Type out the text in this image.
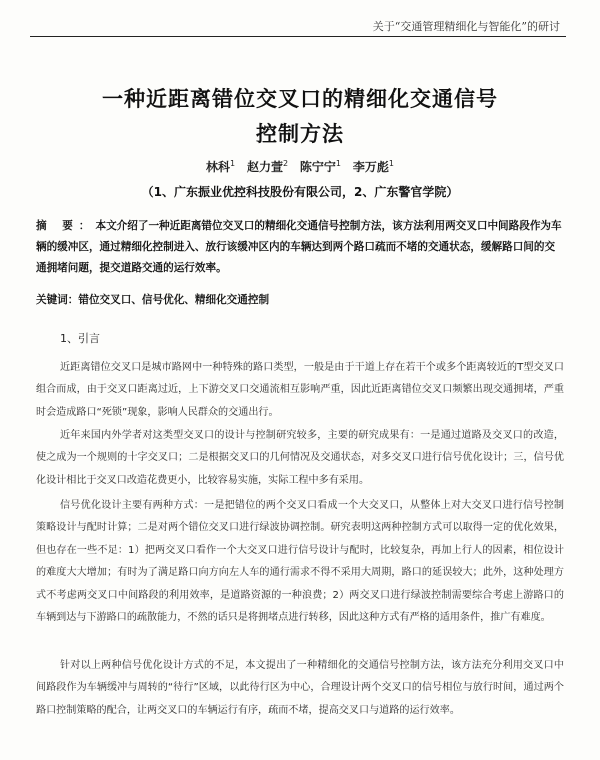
关于“交通管理精细化与智能化”的研讨
一种近距离错位交叉口的精细化交通信号
控制方法
林科$^1$ 赵力萱$^2$ 陈宁宁$^1$ 李万彪$^1$
（1、广东振业优控科技股份有限公司，2、广东警官学院）
摘 要：本文介绍了一种近距离错位交叉口的精细化交通信号控制方法，该方法利用两交叉口中间路段作为车辆的缓冲区，通过精细化控制进入、放行该缓冲区内的车辆达到两个路口疏而不堵的交通状态，缓解路口间的交通拥堵问题，提交道路交通的运行效率。
关键词：错位交叉口、信号优化、精细化交通控制
1、引言
近距离错位交叉口是城市路网中一种特殊的路口类型，一般是由于干道上存在若干个或多个距离较近的T型交叉口组合而成，由于交叉口距离过近，上下游交叉口交通流相互影响严重，因此近距离错位交叉口频繁出现交通拥堵，严重时会造成路口“死锁”现象，影响人民群众的交通出行。
近年来国内外学者对这类型交叉口的设计与控制研究较多，主要的研究成果有：一是通过道路及交叉口的改造，使之成为一个规则的十字交叉口；二是根据交叉口的几何情况及交通状态，对多交叉口进行信号优化设计；三，信号优化设计相比于交叉口改造花费更小，比较容易实施，实际工程中多有采用。
信号优化设计主要有两种方式：一是把错位的两个交叉口看成一个大交叉口，从整体上对大交叉口进行信号控制策略设计与配时计算；二是对两个错位交叉口进行绿波协调控制。研究表明这两种控制方式可以取得一定的优化效果，但也存在一些不足：1）把两交叉口看作一个大交叉口进行信号设计与配时，比较复杂，再加上行人的因素，相位设计的难度大大增加；有时为了满足路口向方向左人车的通行需求不得不采用大周期，路口的延误较大；此外，这种处理方式不考虑两交叉口中间路段的利用效率，是道路资源的一种浪费；2）两交叉口进行绿波控制需要综合考虑上游路口的车辆到达与下游路口的疏散能力，不然的话只是将拥堵点进行转移，因此这种方式有严格的适用条件，推广有难度。
针对以上两种信号优化设计方式的不足，本文提出了一种精细化的交通信号控制方法，该方法充分利用交叉口中间路段作为车辆缓冲与周转的“待行”区域，以此待行区为中心，合理设计两个交叉口的信号相位与放行时间，通过两个路口控制策略的配合，让两交叉口的车辆运行有序，疏而不堵，提高交叉口与道路的运行效率。
